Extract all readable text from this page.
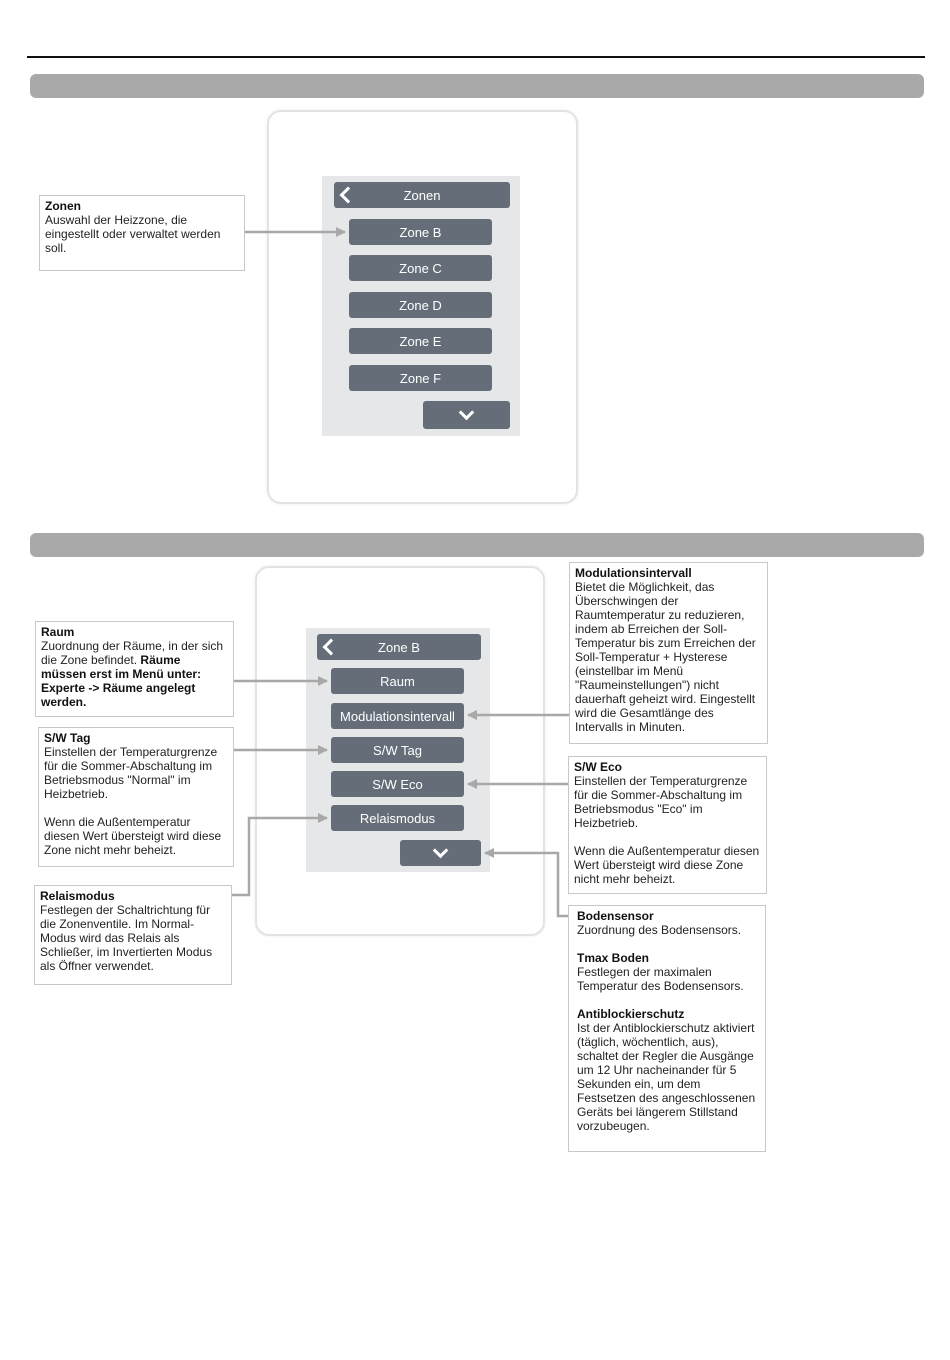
Zonen
Zone B
Zone C
Zone D
Zone E
Zone F
Zonen
Auswahl der Heizzone, die eingestellt oder verwaltet werden soll.
Zone B
Raum
Modulationsintervall
S/W Tag
S/W Eco
Relaismodus
Raum
Zuordnung der Räume, in der sich die Zone befindet. Räume müssen erst im Menü unter: Experte -> Räume angelegt werden.
S/W Tag

Einstellen der Temperaturgrenze für die Sommer-Abschaltung im Betriebsmodus "Normal" im Heizbetrieb.

Wenn die Außentemperatur diesen Wert übersteigt wird diese Zone nicht mehr beheizt.

Relaismodus
Festlegen der Schaltrichtung für die Zonenventile. Im Normal-Modus wird das Relais als Schließer, im Invertierten Modus als Öffner verwendet.
Modulationsintervall
Bietet die Möglichkeit, das Überschwingen der Raumtemperatur zu reduzieren, indem ab Erreichen der Soll-Temperatur bis zum Erreichen der Soll-Temperatur + Hysterese (einstellbar im Menü "Raumeinstellungen") nicht dauerhaft geheizt wird. Eingestellt wird die Gesamtlänge des Intervalls in Minuten.
S/W Eco

Einstellen der Temperaturgrenze für die Sommer-Abschaltung im Betriebsmodus "Eco" im Heizbetrieb.

Wenn die Außentemperatur diesen Wert übersteigt wird diese Zone nicht mehr beheizt.

Bodensensor
Zuordnung des Bodensensors.
Tmax Boden
Festlegen der maximalen Temperatur des Bodensensors.
Antiblockierschutz
Ist der Antiblockierschutz aktiviert (täglich, wöchentlich, aus), schaltet der Regler die Ausgänge um 12 Uhr nacheinander für 5 Sekunden ein, um dem Festsetzen des angeschlossenen Geräts bei längerem Stillstand vorzubeugen.
